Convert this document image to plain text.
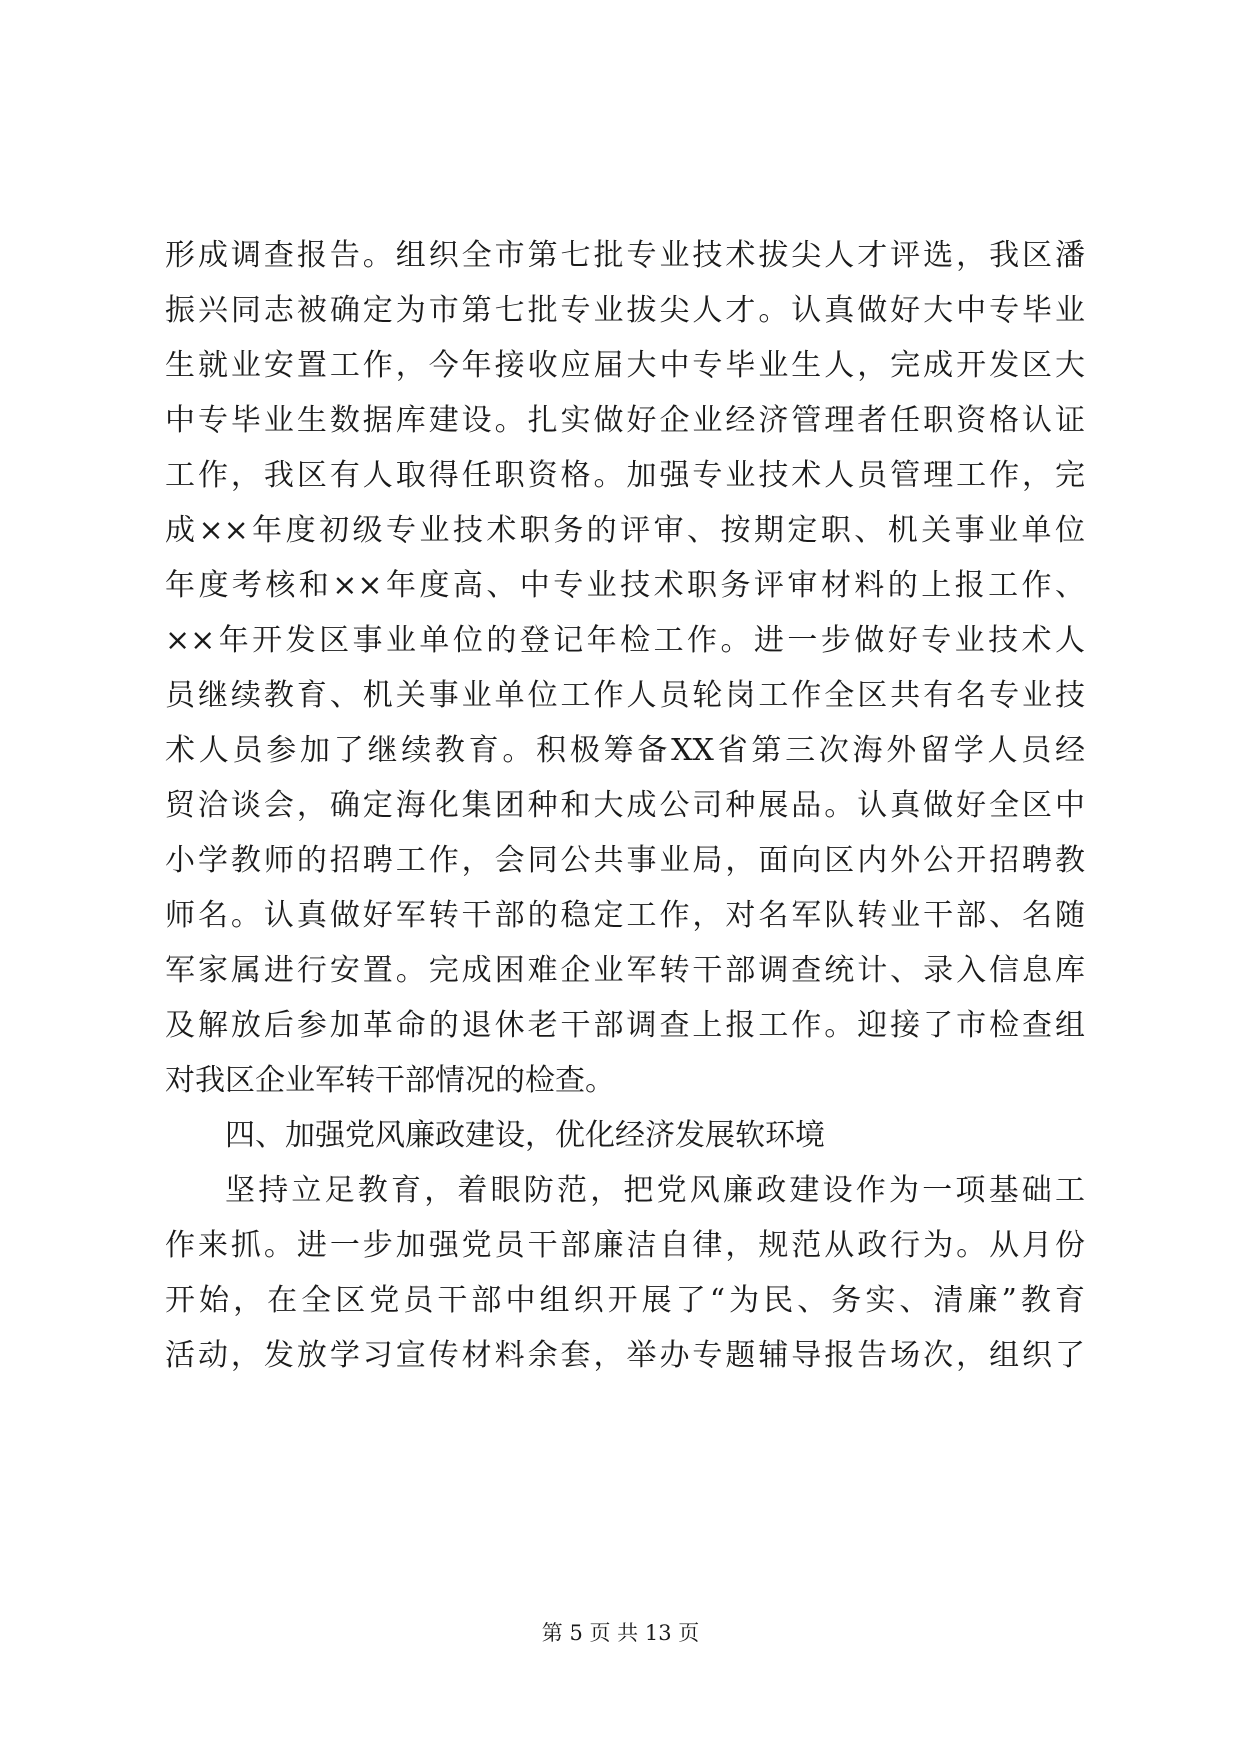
形成调查报告。组织全市第七批专业技术拔尖人才评选，我区潘
振兴同志被确定为市第七批专业拔尖人才。认真做好大中专毕业
生就业安置工作，今年接收应届大中专毕业生人，完成开发区大
中专毕业生数据库建设。扎实做好企业经济管理者任职资格认证
工作，我区有人取得任职资格。加强专业技术人员管理工作，完
成××年度初级专业技术职务的评审、按期定职、机关事业单位
年度考核和××年度高、中专业技术职务评审材料的上报工作、
××年开发区事业单位的登记年检工作。进一步做好专业技术人
员继续教育、机关事业单位工作人员轮岗工作全区共有名专业技
术人员参加了继续教育。积极筹备XX省第三次海外留学人员经
贸洽谈会，确定海化集团种和大成公司种展品。认真做好全区中
小学教师的招聘工作，会同公共事业局，面向区内外公开招聘教
师名。认真做好军转干部的稳定工作，对名军队转业干部、名随
军家属进行安置。完成困难企业军转干部调查统计、录入信息库
及解放后参加革命的退休老干部调查上报工作。迎接了市检查组
对我区企业军转干部情况的检查。
四、加强党风廉政建设，优化经济发展软环境
坚持立足教育，着眼防范，把党风廉政建设作为一项基础工
作来抓。进一步加强党员干部廉洁自律，规范从政行为。从月份
开始，在全区党员干部中组织开展了“为民、务实、清廉”教育
活动，发放学习宣传材料余套，举办专题辅导报告场次，组织了
第 5 页 共 13 页
